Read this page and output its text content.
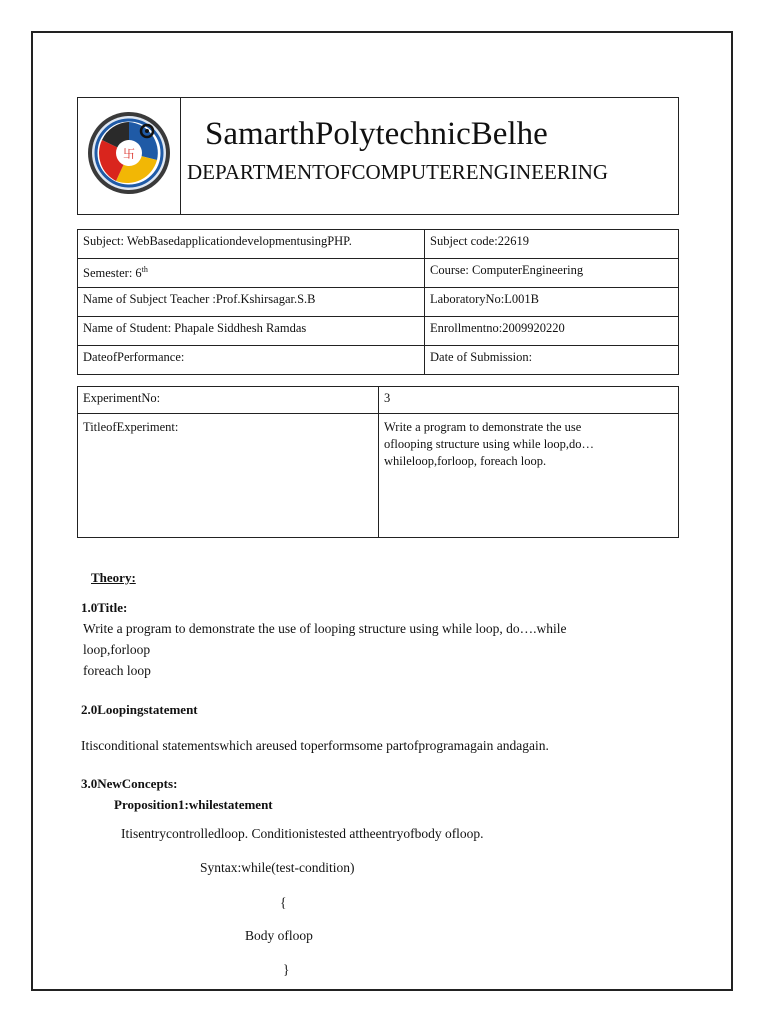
卐
SamarthPolytechnicBelhe
DEPARTMENTOFCOMPUTERENGINEERING
Subject: WebBasedapplicationdevelopmentusingPHP.	Subject code:22619
Semester: 6th	Course: ComputerEngineering
Name of Subject Teacher :Prof.Kshirsagar.S.B	LaboratoryNo:L001B
Name of Student: Phapale Siddhesh Ramdas	Enrollmentno:2009920220
DateofPerformance:	Date of Submission:
ExperimentNo:	3
TitleofExperiment:	Write a program to demonstrate the use oflooping structure using while loop,do…whileloop,forloop, foreach loop.
Theory:
1.0Title:
Write a program to demonstrate the use of looping structure using while loop, do….while
loop,forloop
foreach loop
2.0Loopingstatement
Itisconditional statementswhich areused toperformsome partofprogramagain andagain.
3.0NewConcepts:
Proposition1:whilestatement
Itisentrycontrolledloop. Conditionistested attheentryofbody ofloop.
Syntax:while(test-condition)
{
Body ofloop
}
